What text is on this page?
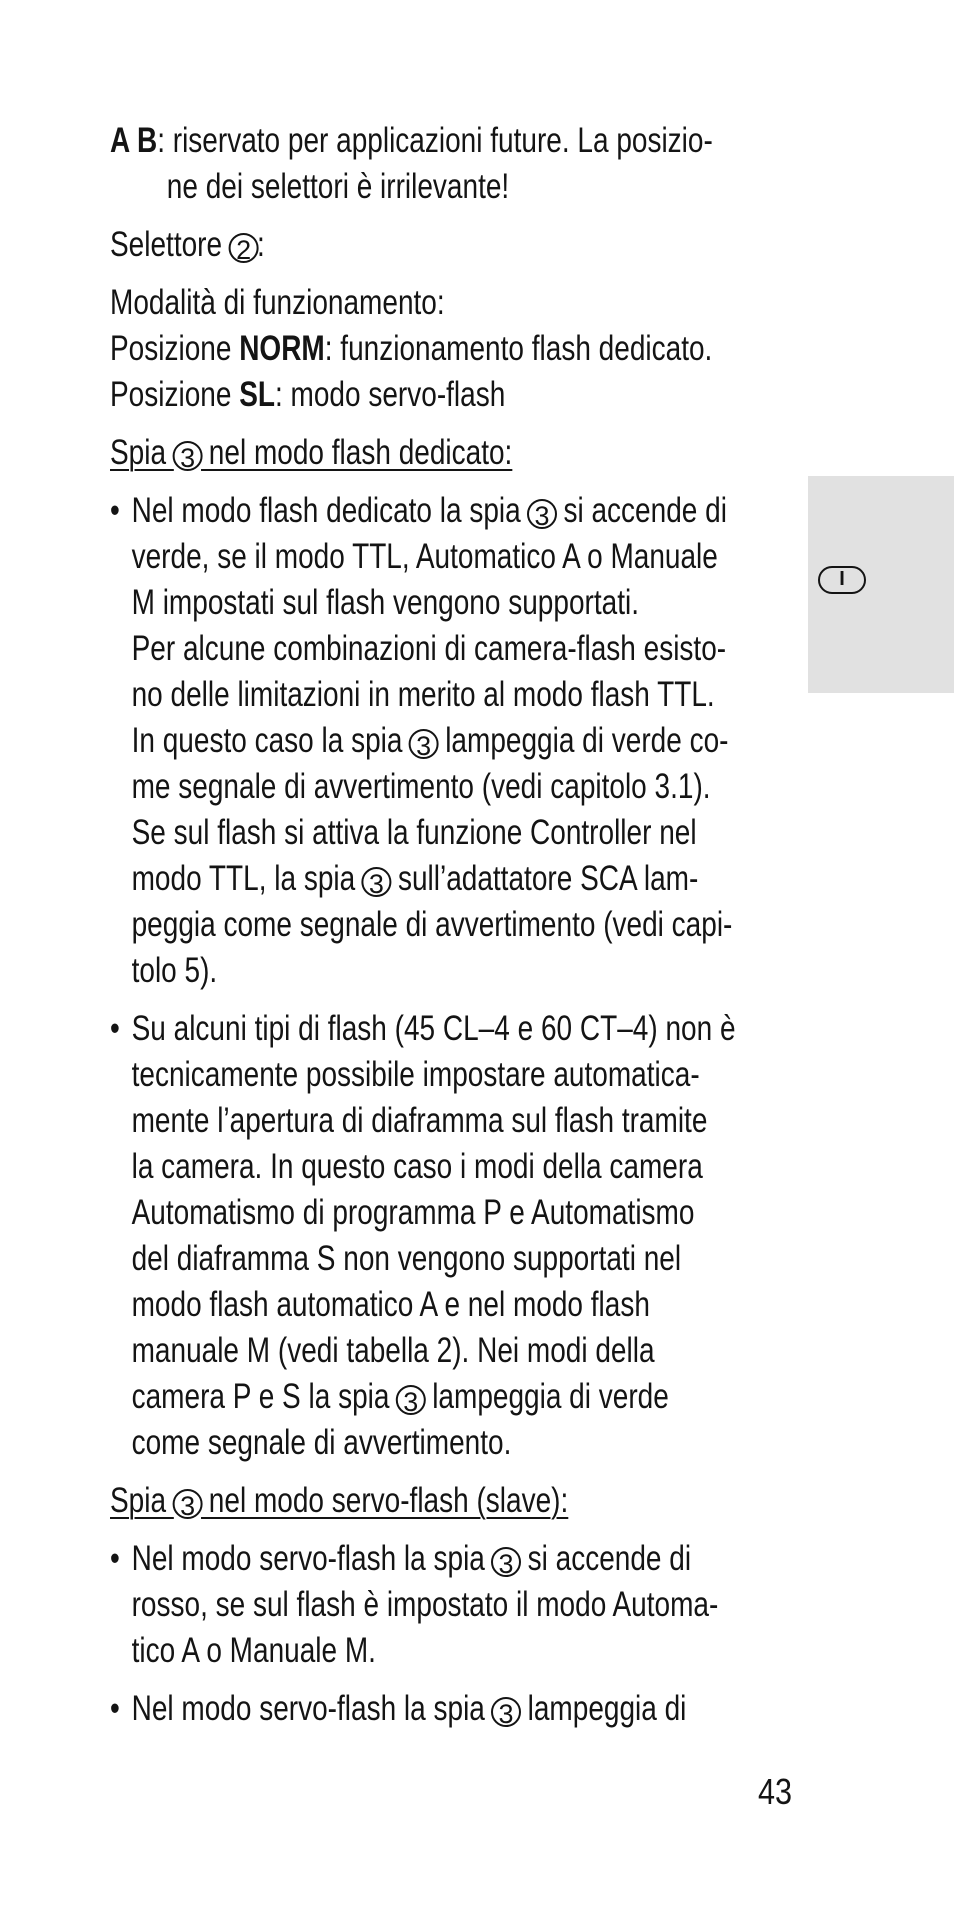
I

A B: riservato per applicazioni future. La posizio-

ne dei selettori è irrilevante!

Selettore 2 :

Modalità di funzionamento:

Posizione NORM: funzionamento flash dedicato.

Posizione SL: modo servo-flash

Spia 3 nel modo flash dedicato:

• Nel modo flash dedicato la spia 3 si accende di

verde, se il modo TTL, Automatico A o Manuale

M impostati sul flash vengono supportati.

Per alcune combinazioni di camera-flash esisto-

no delle limitazioni in merito al modo flash TTL.

In questo caso la spia 3 lampeggia di verde co-

me segnale di avvertimento (vedi capitolo 3.1).

Se sul flash si attiva la funzione Controller nel

modo TTL, la spia 3 sull’adattatore SCA lam-

peggia come segnale di avvertimento (vedi capi-

tolo 5).

• Su alcuni tipi di flash (45 CL–4 e 60 CT–4) non è

tecnicamente possibile impostare automatica-

mente l’apertura di diaframma sul flash tramite

la camera. In questo caso i modi della camera

Automatismo di programma P e Automatismo

del diaframma S non vengono supportati nel

modo flash automatico A e nel modo flash

manuale M (vedi tabella 2). Nei modi della

camera P e S la spia 3 lampeggia di verde

come segnale di avvertimento.

Spia 3 nel modo servo-flash (slave):

• Nel modo servo-flash la spia 3 si accende di

rosso, se sul flash è impostato il modo Automa-

tico A o Manuale M.

• Nel modo servo-flash la spia 3 lampeggia di

43
